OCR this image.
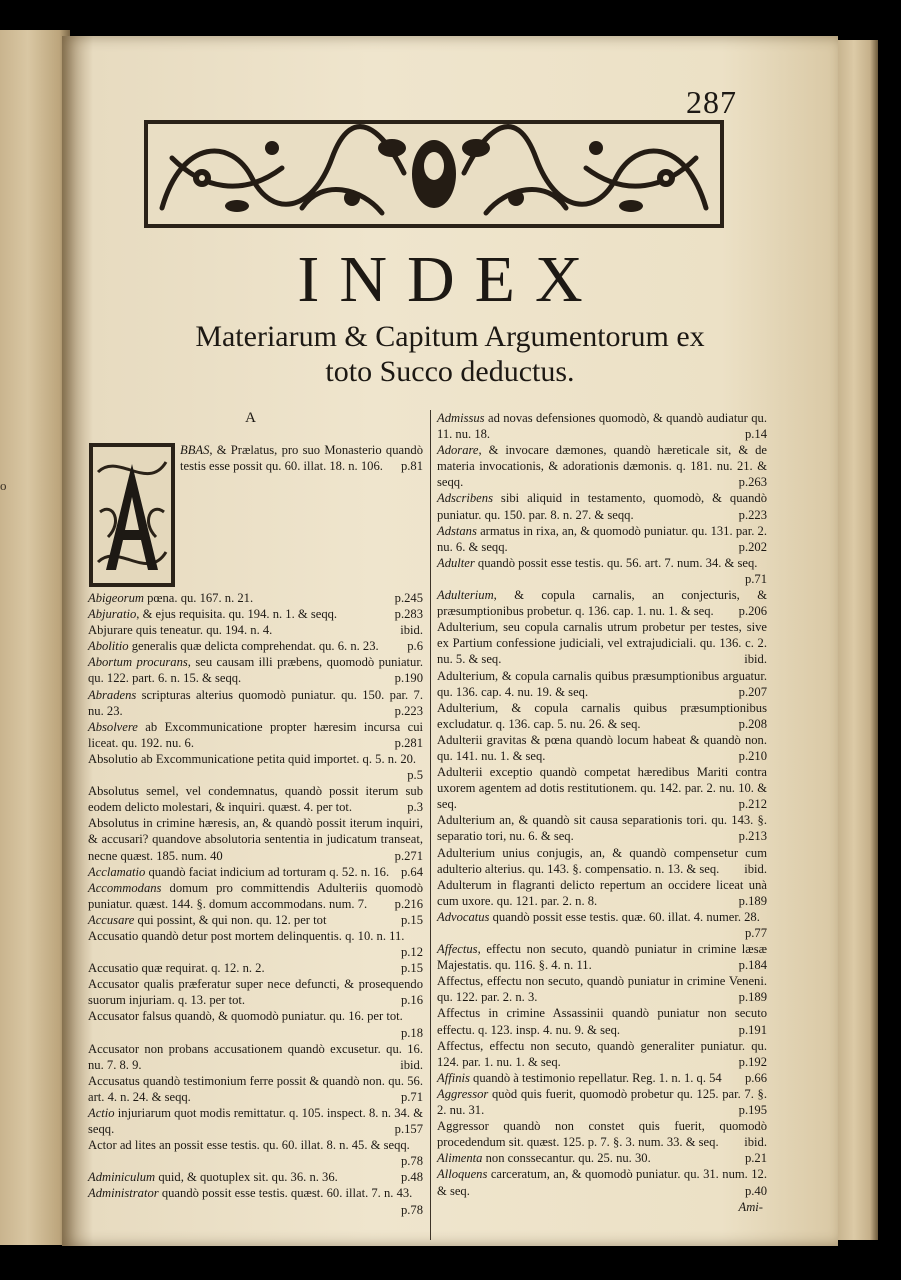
o
287
INDEX
Materiarum & Capitum Argumentorum ex
toto Succo deductus.
A

BBAS, & Prælatus, pro suo Monasterio quandò testis esse possit qu. 60. illat. 18. n. 106. p.81

Abigeorum pœna. qu. 167. n. 21.	p.245

Abjuratio, & ejus requisita. qu. 194. n. 1. & seqq.	p.283

Abjurare quis teneatur. qu. 194. n. 4.	ibid.

Abolitio generalis quæ delicta comprehendat. qu. 6. n. 23. p.6

Abortum procurans, seu causam illi præbens, quomodò puniatur. qu. 122. part. 6. n. 15. & seqq.	p.190

Abradens scripturas alterius quomodò puniatur. qu. 150. par. 7. nu. 23.	p.223

Absolvere ab Excommunicatione propter hæresim incursa cui liceat. qu. 192. nu. 6.	p.281

Absolutio ab Excommunicatione petita quid importet. q. 5. n. 20.
p.5

Absolutus semel, vel condemnatus, quandò possit iterum sub eodem delicto molestari, & inquiri. quæst. 4. per tot.	p.3

Absolutus in crimine hæresis, an, & quandò possit iterum inquiri, & accusari? quandove absolutoria sententia in judicatum transeat, necne quæst. 185. num. 40	p.271

Acclamatio quandò faciat indicium ad torturam q. 52. n. 16. p.64

Accommodans domum pro committendis Adulteriis quomodò puniatur. quæst. 144. §. domum accommodans. num. 7. p.216

Accusare qui possint, & qui non. qu. 12. per tot	p.15

Accusatio quandò detur post mortem delinquentis. q. 10. n. 11.
p.12

Accusatio quæ requirat. q. 12. n. 2.	p.15

Accusator qualis præferatur super nece defuncti, & prosequendo suorum injuriam. q. 13. per tot.	p.16

Accusator falsus quandò, & quomodò puniatur. qu. 16. per tot.
p.18

Accusator non probans accusationem quandò excusetur. qu. 16. nu. 7. 8. 9.	ibid.

Accusatus quandò testimonium ferre possit & quandò non. qu. 56. art. 4. n. 24. & seqq.	p.71

Actio injuriarum quot modis remittatur. q. 105. inspect. 8. n. 34. & seqq.	p.157

Actor ad lites an possit esse testis. qu. 60. illat. 8. n. 45. & seqq.
p.78

Adminiculum quid, & quotuplex sit. qu. 36. n. 36.	p.48

Administrator quandò possit esse testis. quæst. 60. illat. 7. n. 43.
p.78

Admissus ad novas defensiones quomodò, & quandò audiatur qu. 11. nu. 18.	p.14

Adorare, & invocare dæmones, quandò hæreticale sit, & de materia invocationis, & adorationis dæmonis. q. 181. nu. 21. & seqq.	p.263

Adscribens sibi aliquid in testamento, quomodò, & quandò puniatur. qu. 150. par. 8. n. 27. & seqq.	p.223

Adstans armatus in rixa, an, & quomodò puniatur. qu. 131. par. 2. nu. 6. & seqq.	p.202

Adulter quandò possit esse testis. qu. 56. art. 7. num. 34. & seq.
p.71

Adulterium, & copula carnalis, an conjecturis, & præsumptionibus probetur. q. 136. cap. 1. nu. 1. & seq. p.206

Adulterium, seu copula carnalis utrum probetur per testes, sive ex Partium confessione judiciali, vel extrajudiciali. qu. 136. c. 2. nu. 5. & seq.	ibid.

Adulterium, & copula carnalis quibus præsumptionibus arguatur. qu. 136. cap. 4. nu. 19. & seq.	p.207

Adulterium, & copula carnalis quibus præsumptionibus excludatur. q. 136. cap. 5. nu. 26. & seq.	p.208

Adulterii gravitas & pœna quandò locum habeat & quandò non. qu. 141. nu. 1. & seq.	p.210

Adulterii exceptio quandò competat hæredibus Mariti contra uxorem agentem ad dotis restitutionem. qu. 142. par. 2. nu. 10. & seq.	p.212

Adulterium an, & quandò sit causa separationis tori. qu. 143. §. separatio tori, nu. 6. & seq.	p.213

Adulterium unius conjugis, an, & quandò compensetur cum adulterio alterius. qu. 143. §. compensatio. n. 13. & seq. ibid.

Adulterum in flagranti delicto repertum an occidere liceat unà cum uxore. qu. 121. par. 2. n. 8.	p.189

Advocatus quandò possit esse testis. quæ. 60. illat. 4. numer. 28.
p.77

Affectus, effectu non secuto, quandò puniatur in crimine læsæ Majestatis. qu. 116. §. 4. n. 11.	p.184

Affectus, effectu non secuto, quandò puniatur in crimine Veneni. qu. 122. par. 2. n. 3.	p.189

Affectus in crimine Assassinii quandò puniatur non secuto effectu. q. 123. insp. 4. nu. 9. & seq.	p.191

Affectus, effectu non secuto, quandò generaliter puniatur. qu. 124. par. 1. nu. 1. & seq.	p.192

Affinis quandò à testimonio repellatur. Reg. 1. n. 1. q. 54 p.66

Aggressor quòd quis fuerit, quomodò probetur qu. 125. par. 7. §. 2. nu. 31.	p.195

Aggressor quandò non constet quis fuerit, quomodò procedendum sit. quæst. 125. p. 7. §. 3. num. 33. & seq. ibid.

Alimenta non conssecantur. qu. 25. nu. 30.	p.21

Alloquens carceratum, an, & quomodò puniatur. qu. 31. num. 12. & seq.	p.40

Ami-
